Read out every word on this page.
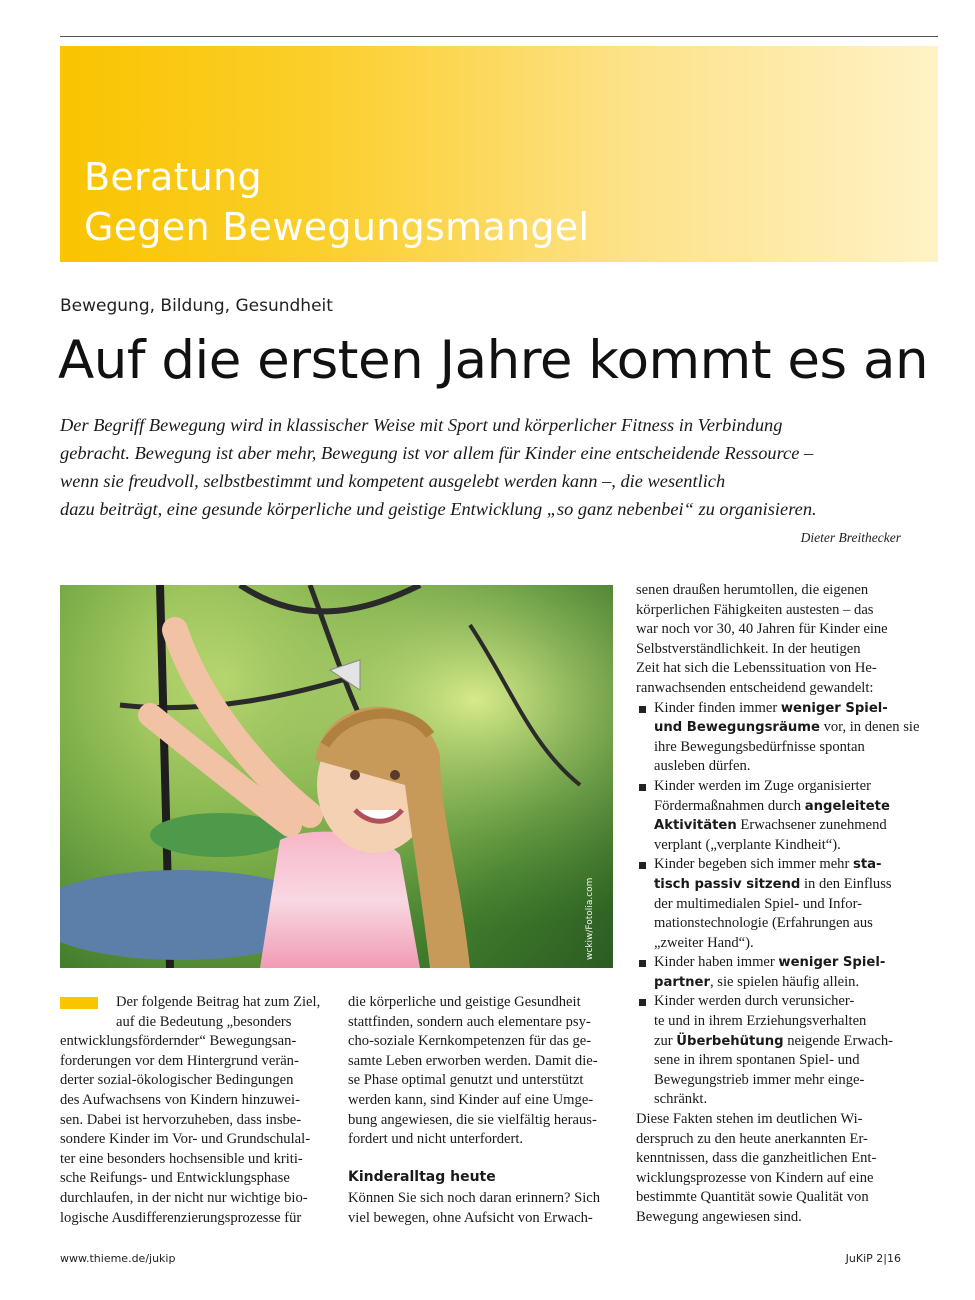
Beratung
Gegen Bewegungsmangel
Bewegung, Bildung, Gesundheit
Auf die ersten Jahre kommt es an
Der Begriff Bewegung wird in klassischer Weise mit Sport und körperlicher Fitness in Verbindung
gebracht. Bewegung ist aber mehr, Bewegung ist vor allem für Kinder eine entscheidende Ressource –
wenn sie freudvoll, selbstbestimmt und kompetent ausgelebt werden kann –, die wesentlich
dazu beiträgt, eine gesunde körperliche und geistige Entwicklung „so ganz nebenbei“ zu organisieren.
Dieter Breithecker
wckiw/Fotolia.com
Der folgende Beitrag hat zum Ziel,
auf die Bedeutung „besonders
entwicklungsfördernder“ Bewegungsan-
forderungen vor dem Hintergrund verän-
derter sozial-ökologischer Bedingungen
des Aufwachsens von Kindern hinzuwei-
sen. Dabei ist hervorzuheben, dass insbe-
sondere Kinder im Vor- und Grundschulal-
ter eine besonders hochsensible und kriti-
sche Reifungs- und Entwicklungsphase
durchlaufen, in der nicht nur wichtige bio-
logische Ausdifferenzierungsprozesse für
die körperliche und geistige Gesundheit
stattfinden, sondern auch elementare psy-
cho-soziale Kernkompetenzen für das ge-
samte Leben erworben werden. Damit die-
se Phase optimal genutzt und unterstützt
werden kann, sind Kinder auf eine Umge-
bung angewiesen, die sie vielfältig heraus-
fordert und nicht unterfordert.
Kinderalltag heute
Können Sie sich noch daran erinnern? Sich
viel bewegen, ohne Aufsicht von Erwach-
senen draußen herumtollen, die eigenen
körperlichen Fähigkeiten austesten – das
war noch vor 30, 40 Jahren für Kinder eine
Selbstverständlichkeit. In der heutigen
Zeit hat sich die Lebenssituation von He-
ranwachsenden entscheidend gewandelt:
Kinder finden immer weniger Spiel-
und Bewegungsräume vor, in denen sie
ihre Bewegungsbedürfnisse spontan
ausleben dürfen.
Kinder werden im Zuge organisierter
Fördermaßnahmen durch angeleitete
Aktivitäten Erwachsener zunehmend
verplant („verplante Kindheit“).
Kinder begeben sich immer mehr sta-
tisch passiv sitzend in den Einfluss
der multimedialen Spiel- und Infor-
mationstechnologie (Erfahrungen aus
„zweiter Hand“).
Kinder haben immer weniger Spiel-
partner, sie spielen häufig allein.
Kinder werden durch verunsicher-
te und in ihrem Erziehungsverhalten
zur Überbehütung neigende Erwach-
sene in ihrem spontanen Spiel- und
Bewegungstrieb immer mehr einge-
schränkt.
Diese Fakten stehen im deutlichen Wi-
derspruch zu den heute anerkannten Er-
kenntnissen, dass die ganzheitlichen Ent-
wicklungsprozesse von Kindern auf eine
bestimmte Quantität sowie Qualität von
Bewegung angewiesen sind.
www.thieme.de/jukip	JuKiP 2|16
